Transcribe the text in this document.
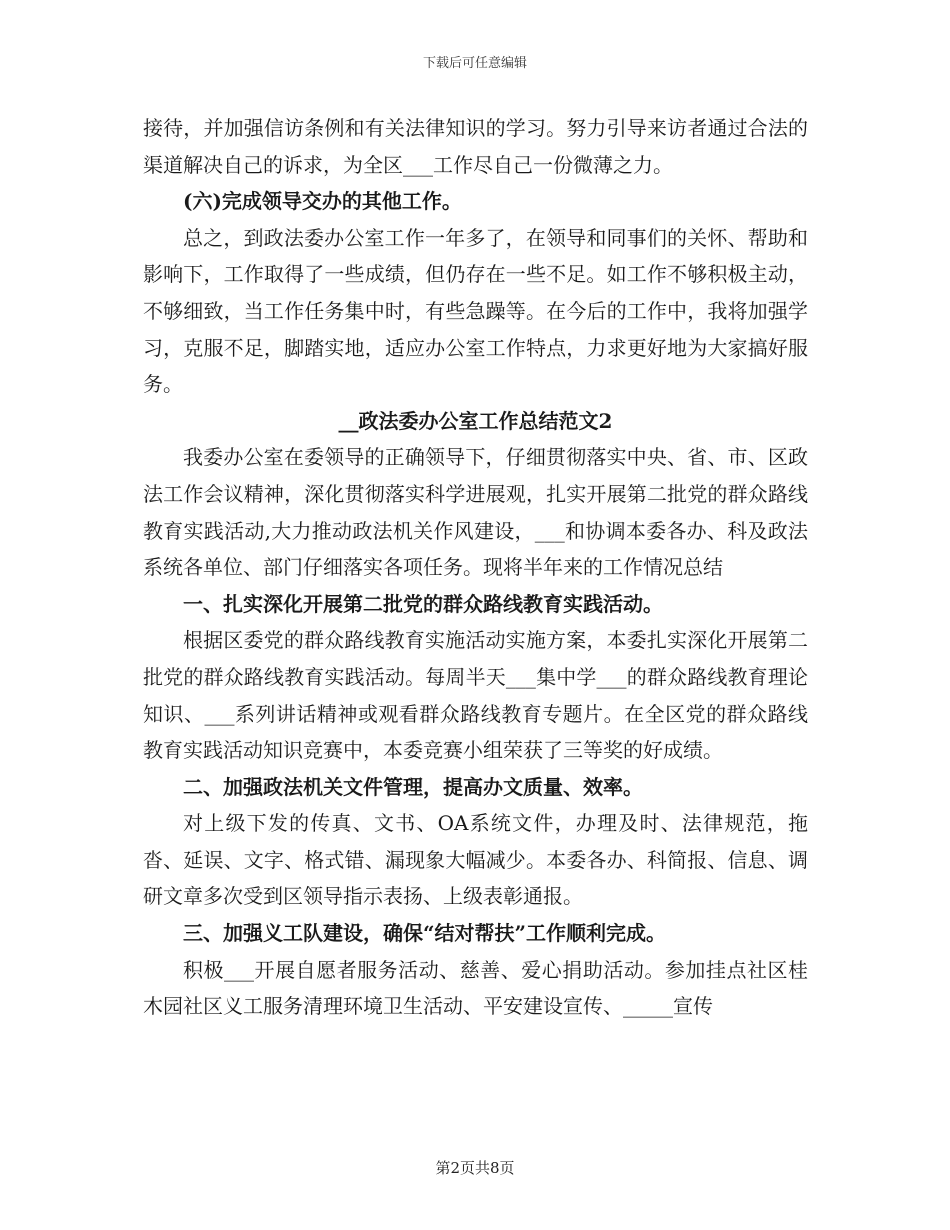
下载后可任意编辑

接待，并加强信访条例和有关法律知识的学习。努力引导来访者通过合法的渠道解决自己的诉求，为全区___工作尽自己一份微薄之力。

(六)完成领导交办的其他工作。

总之，到政法委办公室工作一年多了，在领导和同事们的关怀、帮助和影响下，工作取得了一些成绩，但仍存在一些不足。如工作不够积极主动，不够细致，当工作任务集中时，有些急躁等。在今后的工作中，我将加强学习，克服不足，脚踏实地，适应办公室工作特点，力求更好地为大家搞好服务。

__政法委办公室工作总结范文2

我委办公室在委领导的正确领导下，仔细贯彻落实中央、省、市、区政法工作会议精神，深化贯彻落实科学进展观，扎实开展第二批党的群众路线教育实践活动,大力推动政法机关作风建设，___和协调本委各办、科及政法系统各单位、部门仔细落实各项任务。现将半年来的工作情况总结

一、扎实深化开展第二批党的群众路线教育实践活动。

根据区委党的群众路线教育实施活动实施方案，本委扎实深化开展第二批党的群众路线教育实践活动。每周半天___集中学___的群众路线教育理论知识、___系列讲话精神或观看群众路线教育专题片。在全区党的群众路线教育实践活动知识竞赛中，本委竞赛小组荣获了三等奖的好成绩。

二、加强政法机关文件管理，提高办文质量、效率。

对上级下发的传真、文书、OA系统文件，办理及时、法律规范，拖沓、延误、文字、格式错、漏现象大幅减少。本委各办、科简报、信息、调研文章多次受到区领导指示表扬、上级表彰通报。

三、加强义工队建设，确保“结对帮扶”工作顺利完成。

积极___开展自愿者服务活动、慈善、爱心捐助活动。参加挂点社区桂木园社区义工服务清理环境卫生活动、平安建设宣传、_____宣传

第2页共8页
